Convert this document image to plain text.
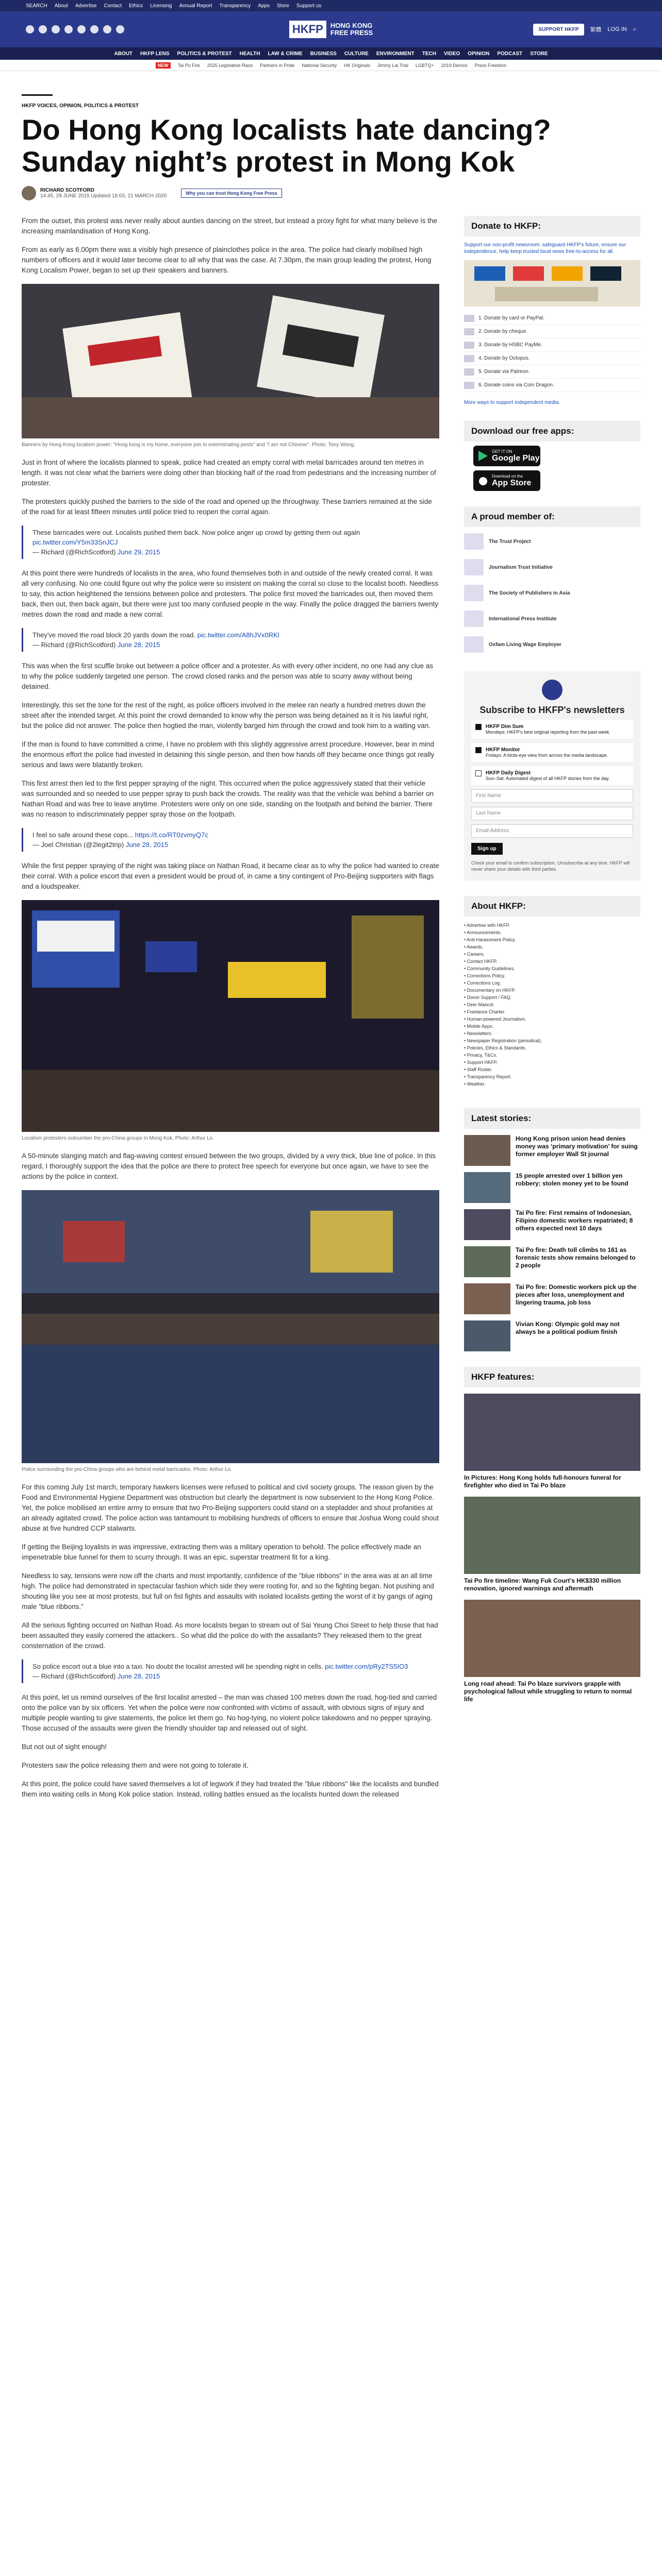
SEARCH About Advertise Contact Ethics Licensing Annual Report Transparency Apps Store Support us
HKFP	HONG KONG
FREE PRESS	SUPPORT HKFP	繁體 LOG IN ⌕
ABOUT HKFP LENS POLITICS & PROTEST HEALTH LAW & CRIME BUSINESS CULTURE ENVIRONMENT TECH VIDEO OPINION PODCAST STORE
NEW	Tai Po Fire 2025 Legislative Race Partners in Pride National Security HK Originals Jimmy Lai Trial LGBTQ+ 2019 Demos Press Freedom
HKFP VOICES, OPINION, POLITICS & PROTEST
Do Hong Kong localists hate dancing? Sunday night’s protest in Mong Kok
RICHARD SCOTFORD
14:45, 29 JUNE 2015 Updated 18:03, 21 MARCH 2020	Why you can trust Hong Kong Free Press

From the outset, this protest was never really about aunties dancing on the street, but instead a proxy fight for what many believe is the increasing mainlandisation of Hong Kong.

From as early as 6.00pm there was a visibly high presence of plainclothes police in the area. The police had clearly mobilised high numbers of officers and it would later become clear to all why that was the case. At 7.30pm, the main group leading the protest, Hong Kong Localism Power, began to set up their speakers and banners.

Banners by Hong Kong localism power: "Hong kong is my home, everyone join in exterminating pests" and "I am not Chinese". Photo: Tony Wong.

Just in front of where the localists planned to speak, police had created an empty corral with metal barricades around ten metres in length. It was not clear what the barriers were doing other than blocking half of the road from pedestrians and the increasing number of protester.

The protesters quickly pushed the barriers to the side of the road and opened up the throughway. These barriers remained at the side of the road for at least fifteen minutes until police tried to reopen the corral again.

These barricades were out. Localists pushed them back. Now police anger up crowd by getting them out again pic.twitter.com/Y5m33SnJCJ
— Richard (@RichScotford) June 29, 2015

At this point there were hundreds of localists in the area, who found themselves both in and outside of the newly created corral. It was all very confusing. No one could figure out why the police were so insistent on making the corral so close to the localist booth. Needless to say, this action heightened the tensions between police and protesters. The police first moved the barricades out, then moved them back, then out, then back again, but there were just too many confused people in the way. Finally the police dragged the barriers twenty metres down the road and made a new corral.

They've moved the road block 20 yards down the road. pic.twitter.com/A8hJVx0RKl
— Richard (@RichScotford) June 28, 2015

This was when the first scuffle broke out between a police officer and a protester. As with every other incident, no one had any clue as to why the police suddenly targeted one person. The crowd closed ranks and the person was able to scurry away without being detained.

Interestingly, this set the tone for the rest of the night, as police officers involved in the melee ran nearly a hundred metres down the street after the intended target. At this point the crowd demanded to know why the person was being detained as it is his lawful right, but the police did not answer. The police then hogtied the man, violently barged him through the crowd and took him to a waiting van.

If the man is found to have committed a crime, I have no problem with this slightly aggressive arrest procedure. However, bear in mind the enormous effort the police had invested in detaining this single person, and then how hands off they became once things got really serious and laws were blatantly broken.

This first arrest then led to the first pepper spraying of the night. This occurred when the police aggressively stated that their vehicle was surrounded and so needed to use pepper spray to push back the crowds. The reality was that the vehicle was behind a barrier on Nathan Road and was free to leave anytime. Protesters were only on one side, standing on the footpath and behind the barrier. There was no reason to indiscriminately pepper spray those on the footpath.

I feel so safe around these cops... https://t.co/RT0zvmyQ7c
— Joel Christian (@2legit2trip) June 28, 2015

While the first pepper spraying of the night was taking place on Nathan Road, it became clear as to why the police had wanted to create their corral. With a police escort that even a president would be proud of, in came a tiny contingent of Pro-Beijing supporters with flags and a loudspeaker.

Localism protesters outnumber the pro-China groups in Mong Kok. Photo: Arthur Lo.

A 50-minute slanging match and flag-waving contest ensued between the two groups, divided by a very thick, blue line of police. In this regard, I thoroughly support the idea that the police are there to protect free speech for everyone but once again, we have to see the actions by the police in context.

Police surrounding the pro-China groups who are behind metal barricades. Photo: Arthur Lo.

For this coming July 1st march, temporary hawkers licenses were refused to political and civil society groups. The reason given by the Food and Environmental Hygiene Department was obstruction but clearly the department is now subservient to the Hong Kong Police. Yet, the police mobilised an entire army to ensure that two Pro-Beijing supporters could stand on a stepladder and shout profanities at an already agitated crowd. The police action was tantamount to mobilising hundreds of officers to ensure that Joshua Wong could shout abuse at five hundred CCP stalwarts.

If getting the Beijing loyalists in was impressive, extracting them was a military operation to behold. The police effectively made an impenetrable blue funnel for them to scurry through. It was an epic, superstar treatment fit for a king.

Needless to say, tensions were now off the charts and most importantly, confidence of the "blue ribbons" in the area was at an all time high. The police had demonstrated in spectacular fashion which side they were rooting for, and so the fighting began. Not pushing and shouting like you see at most protests, but full on fist fights and assaults with isolated localists getting the worst of it by gangs of aging male "blue ribbons."

All the serious fighting occurred on Nathan Road. As more localists began to stream out of Sai Yeung Choi Street to help those that had been assaulted they easily cornered the attackers.. So what did the police do with the assailants? They released them to the great consternation of the crowd.

So police escort out a blue into a taxi. No doubt the localist arrested will be spending night in cells. pic.twitter.com/pRy2TS5IO3
— Richard (@RichScotford) June 28, 2015

At this point, let us remind ourselves of the first localist arrested – the man was chased 100 metres down the road, hog-tied and carried onto the police van by six officers. Yet when the police were now confronted with victims of assault, with obvious signs of injury and multiple people wanting to give statements, the police let them go. No hog-tying, no violent police takedowns and no pepper spraying. Those accused of the assaults were given the friendly shoulder tap and released out of sight.

But not out of sight enough!

Protesters saw the police releasing them and were not going to tolerate it.

At this point, the police could have saved themselves a lot of legwork if they had treated the "blue ribbons" like the localists and bundled them into waiting cells in Mong Kok police station. Instead, rolling battles ensued as the localists hunted down the released

Donate to HKFP:
Support our non-profit newsroom: safeguard HKFP's future, ensure our independence, help keep trusted local news free-to-access for all.
1. Donate by card or PayPal.
2. Donate by cheque.
3. Donate by HSBC PayMe.
4. Donate by Octopus.
5. Donate via Patreon.
6. Donate coins via Coin Dragon.
More ways to support independent media.
Download our free apps:
GET IT ON
Google Play
Download on the
App Store
A proud member of:
The Trust Project
Journalism Trust Initiative
The Society of Publishers in Asia
International Press Institute
Oxfam Living Wage Employer
Subscribe to HKFP's newsletters
HKFP Dim Sum
Mondays: HKFP's best original reporting from the past week.
HKFP Monitor
Fridays: A birds-eye view from across the media landscape.
HKFP Daily Digest
Sun–Sat: Automated digest of all HKFP stories from the day.
First Name
Last Name
Email Address
Sign up
Check your email to confirm subscription. Unsubscribe at any time. HKFP will never share your details with third parties.
About HKFP:
• Advertise with HKFP.
• Announcements.
• Anti-Harassment Policy.
• Awards.
• Careers.
• Contact HKFP.
• Community Guidelines.
• Corrections Policy.
• Corrections Log.
• Documentary on HKFP.
• Donor Support / FAQ.
• Deer Mascot.
• Freelance Charter.
• Human-powered Journalism.
• Mobile Apps.
• Newsletters.
• Newspaper Registration (periodical).
• Policies, Ethics & Standards.
• Privacy, T&Cs.
• Support HKFP.
• Staff Roster.
• Transparency Report.
• Weather.
Latest stories:
Hong Kong prison union head denies money was ‘primary motivation’ for suing former employer Wall St journal
15 people arrested over 1 billion yen robbery; stolen money yet to be found
Tai Po fire: First remains of Indonesian, Filipino domestic workers repatriated; 8 others expected next 10 days
Tai Po fire: Death toll climbs to 161 as forensic tests show remains belonged to 2 people
Tai Po fire: Domestic workers pick up the pieces after loss, unemployment and lingering trauma, job loss
Vivian Kong: Olympic gold may not always be a political podium finish
HKFP features:
In Pictures: Hong Kong holds full-honours funeral for firefighter who died in Tai Po blaze
Tai Po fire timeline: Wang Fuk Court's HK$330 million renovation, ignored warnings and aftermath
Long road ahead: Tai Po blaze survivors grapple with psychological fallout while struggling to return to normal life
